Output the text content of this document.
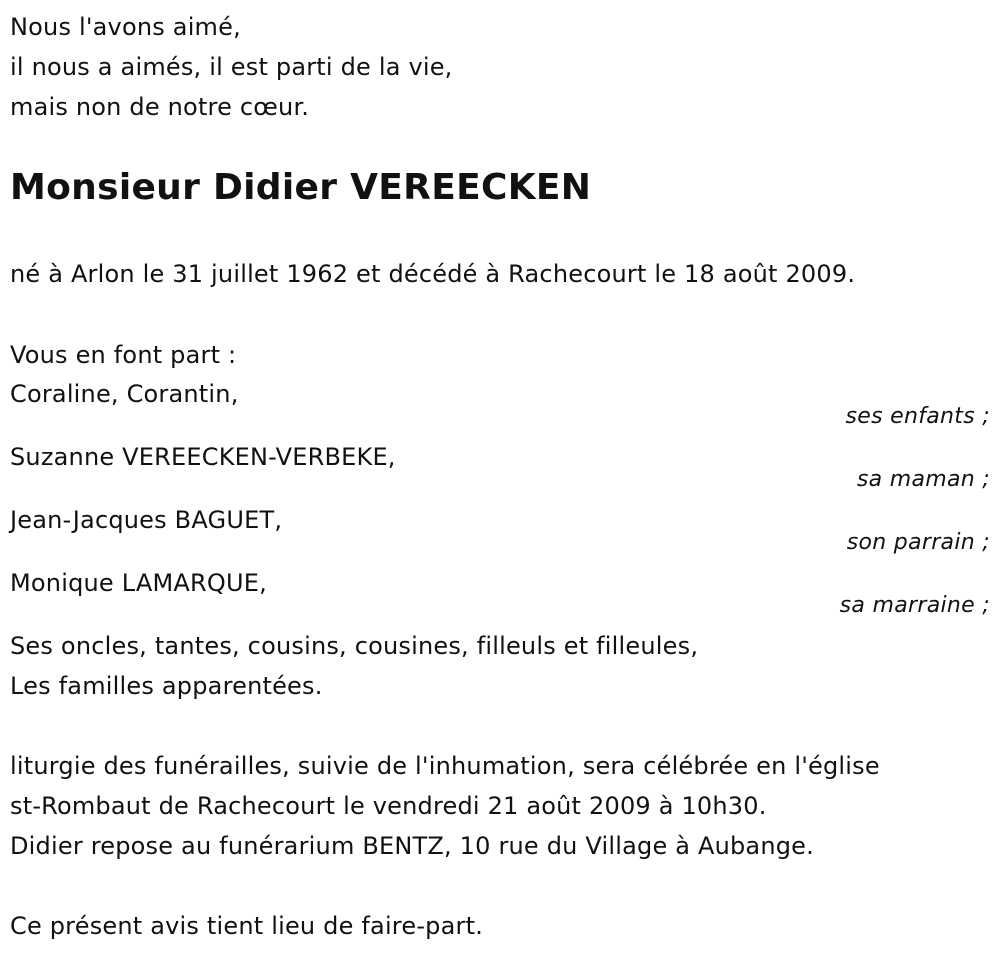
Nous l'avons aimé,
il nous a aimés, il est parti de la vie,
mais non de notre cœur.
Monsieur Didier VEREECKEN
né à Arlon le 31 juillet 1962 et décédé à Rachecourt le 18 août 2009.
Vous en font part :
Coraline, Corantin,
ses enfants ;
Suzanne VEREECKEN-VERBEKE,
sa maman ;
Jean-Jacques BAGUET,
son parrain ;
Monique LAMARQUE,
sa marraine ;
Ses oncles, tantes, cousins, cousines, filleuls et filleules,
Les familles apparentées.
liturgie des funérailles, suivie de l'inhumation, sera célébrée en l'église
st-Rombaut de Rachecourt le vendredi 21 août 2009 à 10h30.
Didier repose au funérarium BENTZ, 10 rue du Village à Aubange.
Ce présent avis tient lieu de faire-part.
